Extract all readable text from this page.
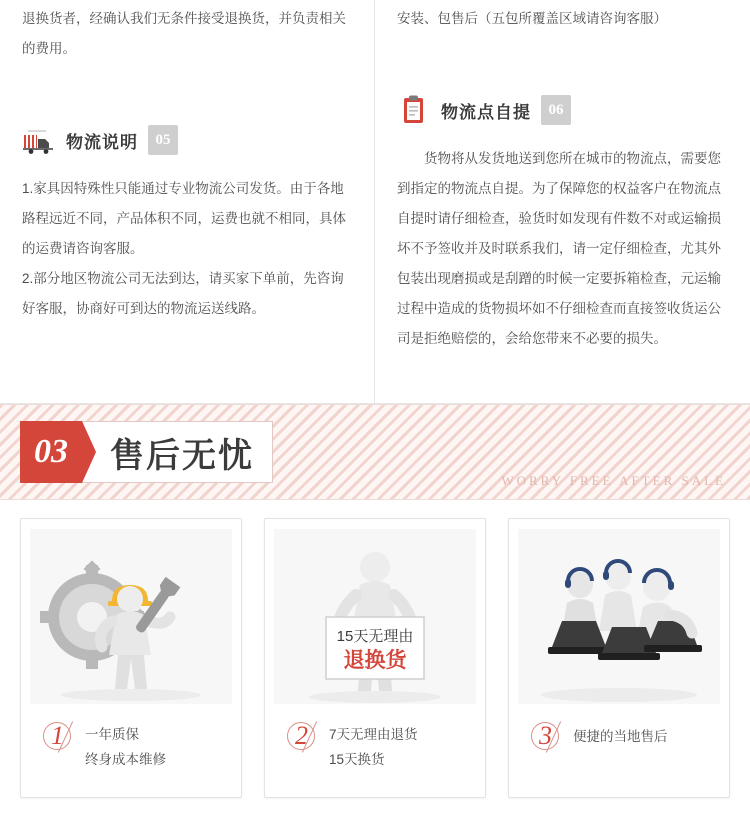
退换货者，经确认我们无条件接受退换货，并负责相关的费用。
物流说明	05

1.家具因特殊性只能通过专业物流公司发货。由于各地路程远近不同，产品体积不同，运费也就不相同，具体的运费请咨询客服。

2.部分地区物流公司无法到达，请买家下单前，先咨询好客服，协商好可到达的物流运送线路。

安装、包售后（五包所覆盖区域请咨询客服）
物流点自提	06

货物将从发货地送到您所在城市的物流点，需要您到指定的物流点自提。为了保障您的权益客户在物流点自提时请仔细检查，验货时如发现有件数不对或运输损坏不予签收并及时联系我们，请一定仔细检查，尤其外包装出现磨损或是刮蹭的时候一定要拆箱检查，元运输过程中造成的货物损坏如不仔细检查而直接签收货运公司是拒绝赔偿的，会给您带来不必要的损失。

03	售后无忧
WORRY FREE AFTER SALE
1	一年质保
终身成本维修
15天无理由
退换货
2	7天无理由退货
15天换货
3	便捷的当地售后
